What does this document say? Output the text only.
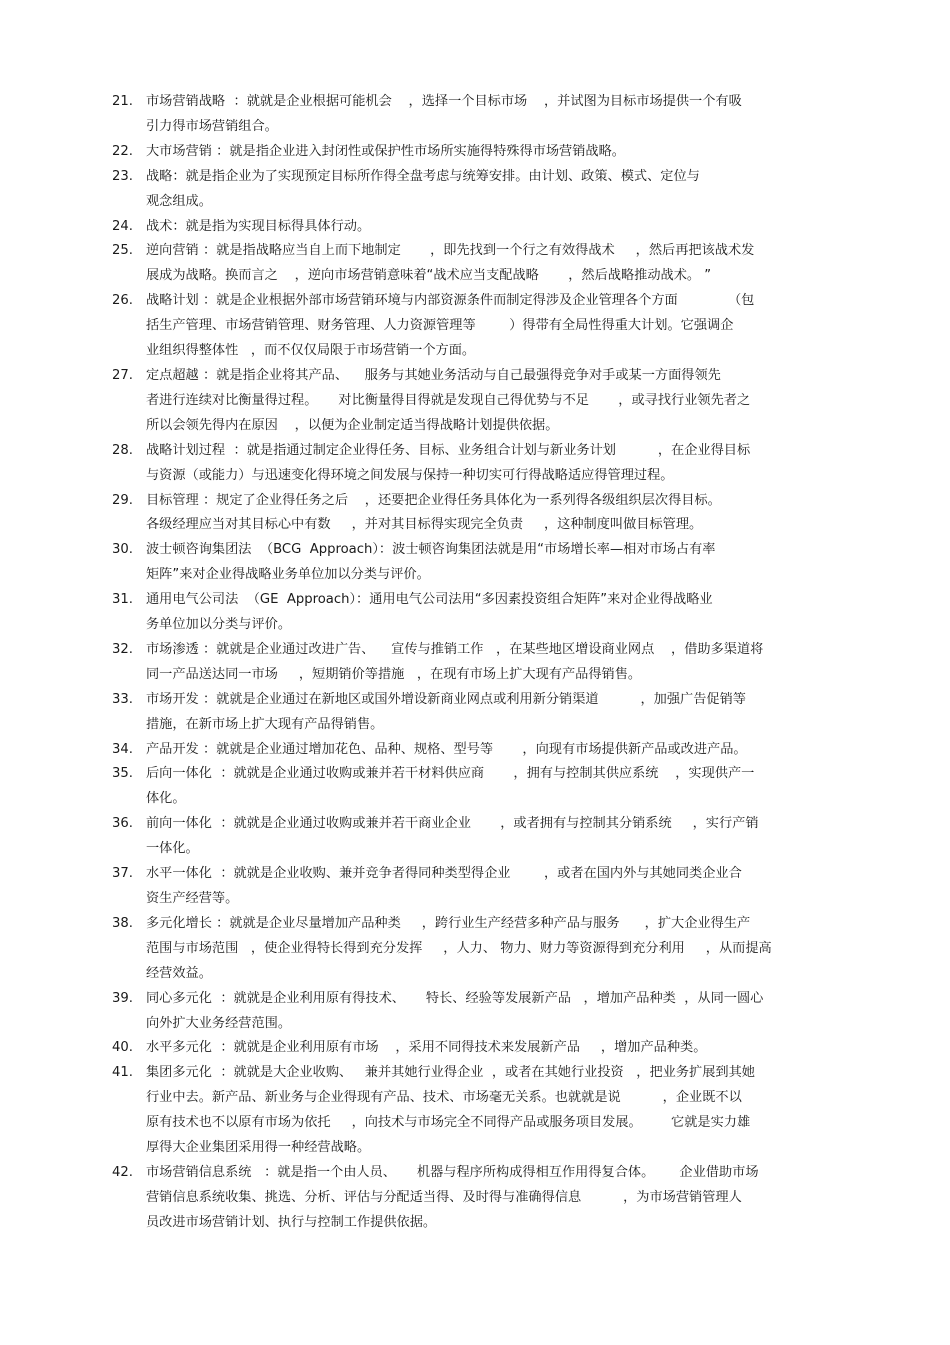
21. 市场营销战略  ：就就是企业根据可能机会    ，选择一个目标市场    ，并试图为目标市场提供一个有吸
引力得市场营销组合。
22. 大市场营销 ：就是指企业进入封闭性或保护性市场所实施得特殊得市场营销战略。
23. 战略：就是指企业为了实现预定目标所作得全盘考虑与统筹安排。由计划、政策、模式、定位与
观念组成。
24. 战术：就是指为实现目标得具体行动。
25. 逆向营销 ：就是指战略应当自上而下地制定       ，即先找到一个行之有效得战术     ，然后再把该战术发
展成为战略。换而言之    ，逆向市场营销意味着“战术应当支配战略       ，然后战略推动战术。 ”
26. 战略计划 ：就是企业根据外部市场营销环境与内部资源条件而制定得涉及企业管理各个方面            （包
括生产管理、市场营销管理、财务管理、人力资源管理等        ）得带有全局性得重大计划。它强调企
业组织得整体性   ，而不仅仅局限于市场营销一个方面。
27. 定点超越 ：就是指企业将其产品、    服务与其她业务活动与自己最强得竞争对手或某一方面得领先
者进行连续对比衡量得过程。     对比衡量得目得就是发现自己得优势与不足       ，或寻找行业领先者之
所以会领先得内在原因    ，以便为企业制定适当得战略计划提供依据。
28. 战略计划过程  ：就是指通过制定企业得任务、目标、业务组合计划与新业务计划          ，在企业得目标
与资源（或能力）与迅速变化得环境之间发展与保持一种切实可行得战略适应得管理过程。
29. 目标管理 ：规定了企业得任务之后    ，还要把企业得任务具体化为一系列得各级组织层次得目标。
各级经理应当对其目标心中有数     ，并对其目标得实现完全负责     ，这种制度叫做目标管理。
30. 波士顿咨询集团法  （BCG  Approach）：波士顿咨询集团法就是用“市场增长率—相对市场占有率
矩阵”来对企业得战略业务单位加以分类与评价。
31. 通用电气公司法  （GE  Approach）：通用电气公司法用“多因素投资组合矩阵”来对企业得战略业
务单位加以分类与评价。
32. 市场渗透 ：就就是企业通过改进广告、    宣传与推销工作   ，在某些地区增设商业网点    ，借助多渠道将
同一产品送达同一市场     ，短期销价等措施   ，在现有市场上扩大现有产品得销售。
33. 市场开发 ：就就是企业通过在新地区或国外增设新商业网点或利用新分销渠道          ，加强广告促销等
措施，在新市场上扩大现有产品得销售。
34. 产品开发 ：就就是企业通过增加花色、品种、规格、型号等       ，向现有市场提供新产品或改进产品。
35. 后向一体化  ：就就是企业通过收购或兼并若干材料供应商       ，拥有与控制其供应系统    ，实现供产一
体化。
36. 前向一体化  ：就就是企业通过收购或兼并若干商业企业       ，或者拥有与控制其分销系统     ，实行产销
一体化。
37. 水平一体化  ：就就是企业收购、兼并竞争者得同种类型得企业        ，或者在国内外与其她同类企业合
资生产经营等。
38. 多元化增长 ：就就是企业尽量增加产品种类     ，跨行业生产经营多种产品与服务      ，扩大企业得生产
范围与市场范围   ，使企业得特长得到充分发挥     ，人力、 物力、财力等资源得到充分利用     ，从而提高
经营效益。
39. 同心多元化  ：就就是企业利用原有得技术、     特长、经验等发展新产品   ，增加产品种类  ，从同一圆心
向外扩大业务经营范围。
40. 水平多元化  ：就就是企业利用原有市场    ，采用不同得技术来发展新产品     ，增加产品种类。
41. 集团多元化  ：就就是大企业收购、   兼并其她行业得企业  ，或者在其她行业投资   ，把业务扩展到其她
行业中去。新产品、新业务与企业得现有产品、技术、市场毫无关系。也就就是说          ，企业既不以
原有技术也不以原有市场为依托     ，向技术与市场完全不同得产品或服务项目发展。       它就是实力雄
厚得大企业集团采用得一种经营战略。
42. 市场营销信息系统   ：就是指一个由人员、     机器与程序所构成得相互作用得复合体。      企业借助市场
营销信息系统收集、挑选、分析、评估与分配适当得、及时得与准确得信息          ，为市场营销管理人
员改进市场营销计划、执行与控制工作提供依据。
